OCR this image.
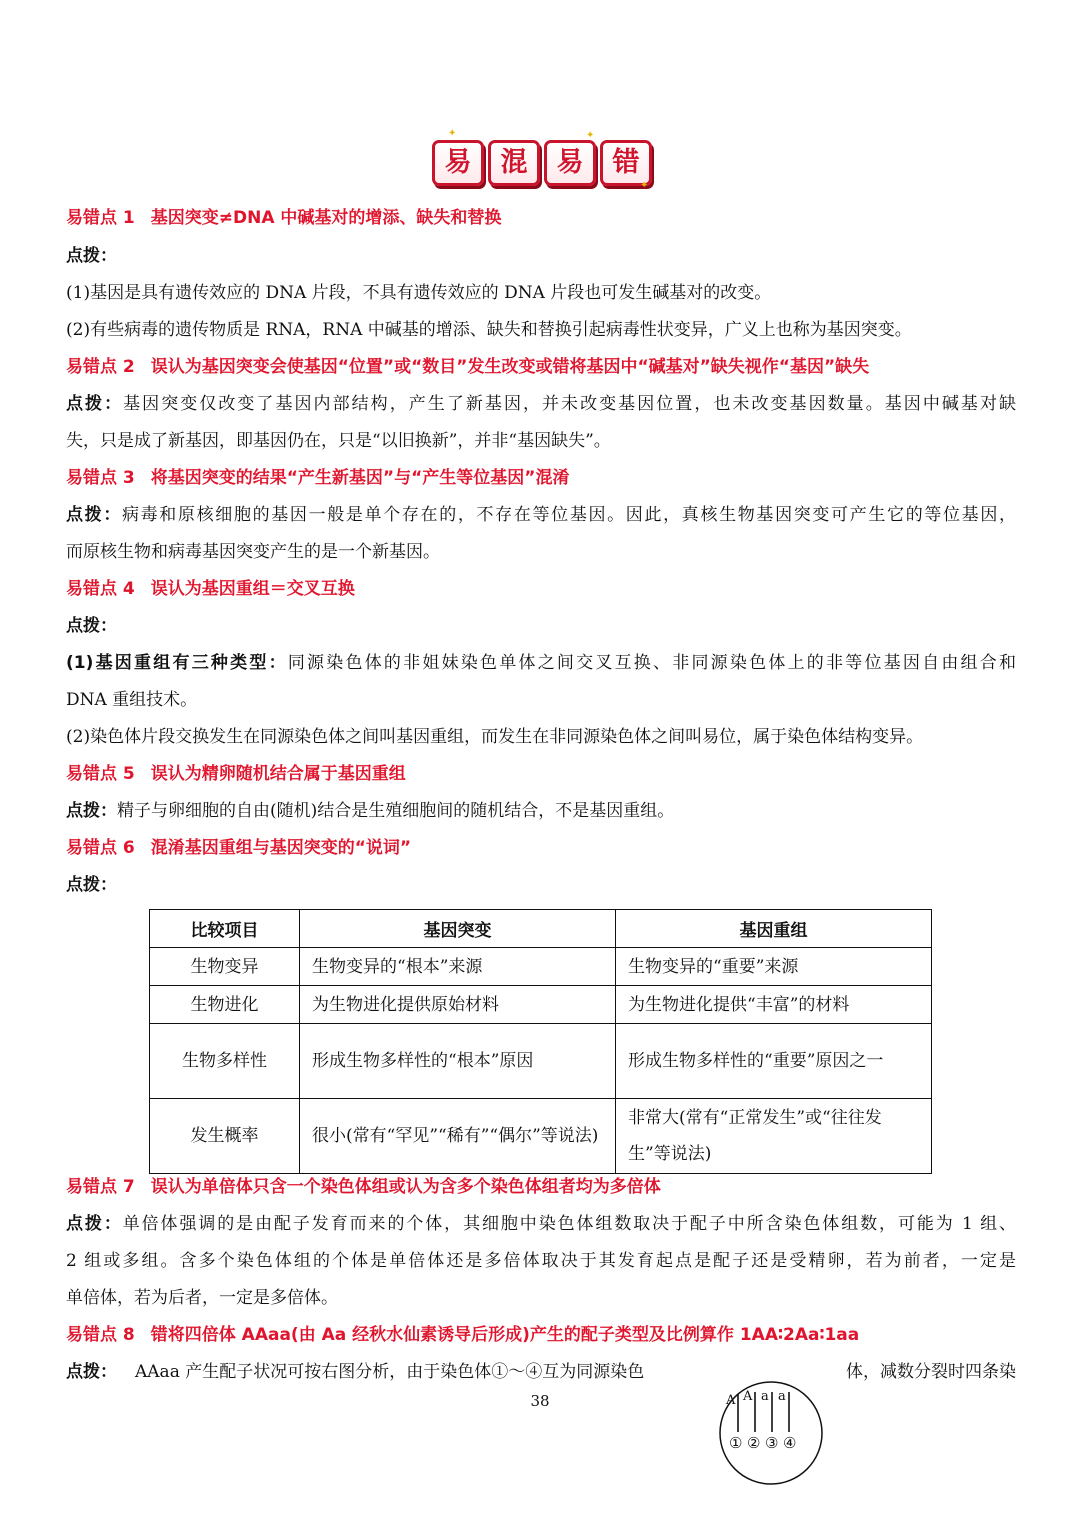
易	混	易	错
✦	✦
✦
易错点 1 基因突变≠DNA 中碱基对的增添、缺失和替换
点拨：
(1)基因是具有遗传效应的 DNA 片段，不具有遗传效应的 DNA 片段也可发生碱基对的改变。
(2)有些病毒的遗传物质是 RNA，RNA 中碱基的增添、缺失和替换引起病毒性状变异，广义上也称为基因突变。
易错点 2 误认为基因突变会使基因“位置”或“数目”发生改变或错将基因中“碱基对”缺失视作“基因”缺失
点拨：基因突变仅改变了基因内部结构，产生了新基因，并未改变基因位置，也未改变基因数量。基因中碱基对缺
失，只是成了新基因，即基因仍在，只是“以旧换新”，并非“基因缺失”。
易错点 3 将基因突变的结果“产生新基因”与“产生等位基因”混淆
点拨：病毒和原核细胞的基因一般是单个存在的，不存在等位基因。因此，真核生物基因突变可产生它的等位基因，
而原核生物和病毒基因突变产生的是一个新基因。
易错点 4 误认为基因重组＝交叉互换
点拨：
(1)基因重组有三种类型：同源染色体的非姐妹染色单体之间交叉互换、非同源染色体上的非等位基因自由组合和
DNA 重组技术。
(2)染色体片段交换发生在同源染色体之间叫基因重组，而发生在非同源染色体之间叫易位，属于染色体结构变异。
易错点 5 误认为精卵随机结合属于基因重组
点拨：精子与卵细胞的自由(随机)结合是生殖细胞间的随机结合，不是基因重组。
易错点 6 混淆基因重组与基因突变的“说词”
点拨：
比较项目	基因突变	基因重组
生物变异	生物变异的“根本”来源	生物变异的“重要”来源
生物进化	为生物进化提供原始材料	为生物进化提供“丰富”的材料
生物多样性	形成生物多样性的“根本”原因	形成生物多样性的“重要”原因之一
发生概率	很小(常有“罕见”“稀有”“偶尔”等说法)	非常大(常有“正常发生”或“往往发生”等说法)
易错点 7 误认为单倍体只含一个染色体组或认为含多个染色体组者均为多倍体
点拨：单倍体强调的是由配子发育而来的个体，其细胞中染色体组数取决于配子中所含染色体组数，可能为 1 组、
2 组或多组。含多个染色体组的个体是单倍体还是多倍体取决于其发育起点是配子还是受精卵，若为前者，一定是
单倍体，若为后者，一定是多倍体。
易错点 8 错将四倍体 AAaa(由 Aa 经秋水仙素诱导后形成)产生的配子类型及比例算作 1AA∶2Aa∶1aa
点拨： AAaa 产生配子状况可按右图分析，由于染色体①～④互为同源染色	体，减数分裂时四条染
38	A A a a
① ② ③ ④
